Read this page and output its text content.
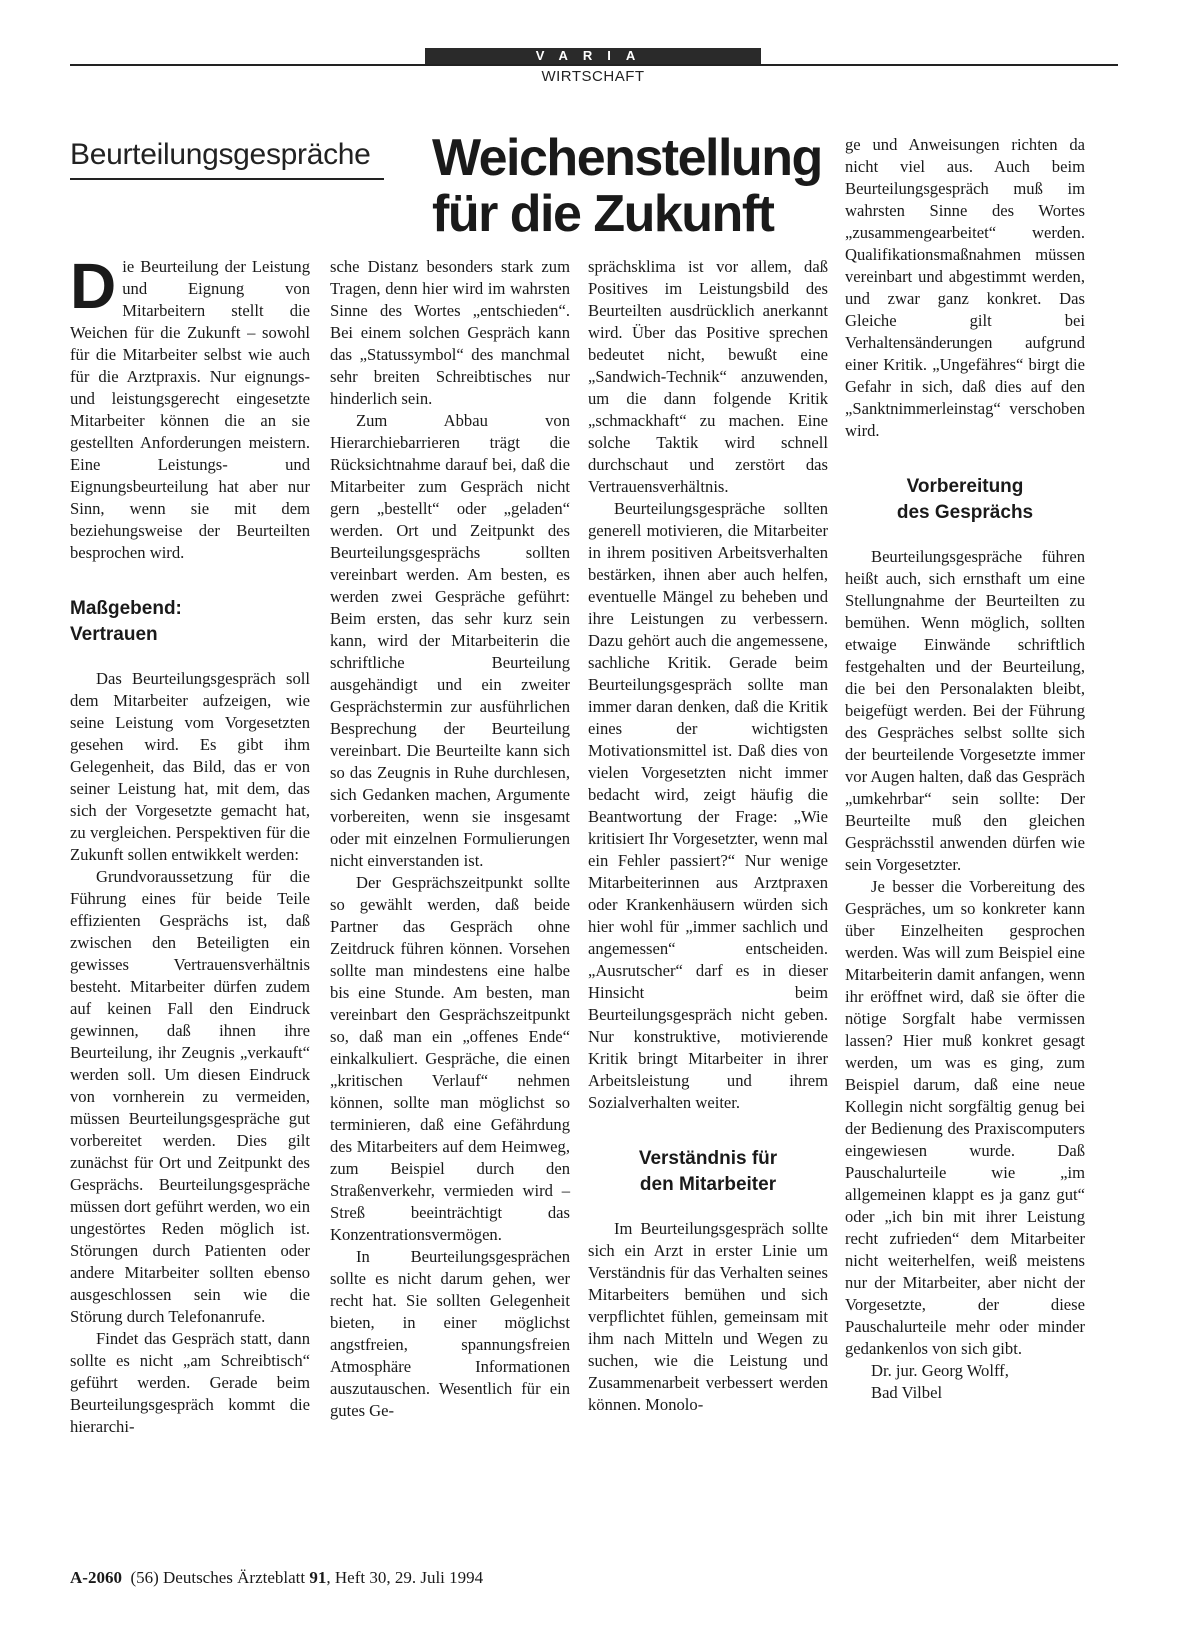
VARIA
WIRTSCHAFT
Beurteilungsgespräche Weichenstellung
für die Zukunft

Die Beurteilung der Leistung und Eignung von Mitarbeitern stellt die Weichen für die Zukunft – sowohl für die Mitarbeiter selbst wie auch für die Arztpraxis. Nur eignungs- und leistungsgerecht eingesetzte Mitarbeiter können die an sie gestellten Anforderungen meistern. Eine Leistungs- und Eignungsbeurteilung hat aber nur Sinn, wenn sie mit dem beziehungsweise der Beurteilten besprochen wird.

Maßgebend:
Vertrauen

Das Beurteilungsgespräch soll dem Mitarbeiter aufzeigen, wie seine Leistung vom Vorgesetzten gesehen wird. Es gibt ihm Gelegenheit, das Bild, das er von seiner Leistung hat, mit dem, das sich der Vorgesetzte gemacht hat, zu vergleichen. Perspektiven für die Zukunft sollen entwikkelt werden:

Grundvoraussetzung für die Führung eines für beide Teile effizienten Gesprächs ist, daß zwischen den Beteiligten ein gewisses Vertrauensverhältnis besteht. Mitarbeiter dürfen zudem auf keinen Fall den Eindruck gewinnen, daß ihnen ihre Beurteilung, ihr Zeugnis „verkauft“ werden soll. Um diesen Eindruck von vornherein zu vermeiden, müssen Beurteilungsgespräche gut vorbereitet werden. Dies gilt zunächst für Ort und Zeitpunkt des Gesprächs. Beurteilungsgespräche müssen dort geführt werden, wo ein ungestörtes Reden möglich ist. Störungen durch Patienten oder andere Mitarbeiter sollten ebenso ausgeschlossen sein wie die Störung durch Telefonanrufe.

Findet das Gespräch statt, dann sollte es nicht „am Schreibtisch“ geführt werden. Gerade beim Beurteilungsgespräch kommt die hierarchi-

sche Distanz besonders stark zum Tragen, denn hier wird im wahrsten Sinne des Wortes „entschieden“. Bei einem solchen Gespräch kann das „Statussymbol“ des manchmal sehr breiten Schreibtisches nur hinderlich sein.

Zum Abbau von Hierarchiebarrieren trägt die Rücksichtnahme darauf bei, daß die Mitarbeiter zum Gespräch nicht gern „bestellt“ oder „geladen“ werden. Ort und Zeitpunkt des Beurteilungsgesprächs sollten vereinbart werden. Am besten, es werden zwei Gespräche geführt: Beim ersten, das sehr kurz sein kann, wird der Mitarbeiterin die schriftliche Beurteilung ausgehändigt und ein zweiter Gesprächstermin zur ausführlichen Besprechung der Beurteilung vereinbart. Die Beurteilte kann sich so das Zeugnis in Ruhe durchlesen, sich Gedanken machen, Argumente vorbereiten, wenn sie insgesamt oder mit einzelnen Formulierungen nicht einverstanden ist.

Der Gesprächszeitpunkt sollte so gewählt werden, daß beide Partner das Gespräch ohne Zeitdruck führen können. Vorsehen sollte man mindestens eine halbe bis eine Stunde. Am besten, man vereinbart den Gesprächszeitpunkt so, daß man ein „offenes Ende“ einkalkuliert. Gespräche, die einen „kritischen Verlauf“ nehmen können, sollte man möglichst so terminieren, daß eine Gefährdung des Mitarbeiters auf dem Heimweg, zum Beispiel durch den Straßenverkehr, vermieden wird – Streß beeinträchtigt das Konzentrationsvermögen.

In Beurteilungsgesprächen sollte es nicht darum gehen, wer recht hat. Sie sollten Gelegenheit bieten, in einer möglichst angstfreien, spannungsfreien Atmosphäre Informationen auszutauschen. Wesentlich für ein gutes Ge-

sprächsklima ist vor allem, daß Positives im Leistungsbild des Beurteilten ausdrücklich anerkannt wird. Über das Positive sprechen bedeutet nicht, bewußt eine „Sandwich-Technik“ anzuwenden, um die dann folgende Kritik „schmackhaft“ zu machen. Eine solche Taktik wird schnell durchschaut und zerstört das Vertrauensverhältnis.

Beurteilungsgespräche sollten generell motivieren, die Mitarbeiter in ihrem positiven Arbeitsverhalten bestärken, ihnen aber auch helfen, eventuelle Mängel zu beheben und ihre Leistungen zu verbessern. Dazu gehört auch die angemessene, sachliche Kritik. Gerade beim Beurteilungsgespräch sollte man immer daran denken, daß die Kritik eines der wichtigsten Motivationsmittel ist. Daß dies von vielen Vorgesetzten nicht immer bedacht wird, zeigt häufig die Beantwortung der Frage: „Wie kritisiert Ihr Vorgesetzter, wenn mal ein Fehler passiert?“ Nur wenige Mitarbeiterinnen aus Arztpraxen oder Krankenhäusern würden sich hier wohl für „immer sachlich und angemessen“ entscheiden. „Ausrutscher“ darf es in dieser Hinsicht beim Beurteilungsgespräch nicht geben. Nur konstruktive, motivierende Kritik bringt Mitarbeiter in ihrer Arbeitsleistung und ihrem Sozialverhalten weiter.

Verständnis für
den Mitarbeiter

Im Beurteilungsgespräch sollte sich ein Arzt in erster Linie um Verständnis für das Verhalten seines Mitarbeiters bemühen und sich verpflichtet fühlen, gemeinsam mit ihm nach Mitteln und Wegen zu suchen, wie die Leistung und Zusammenarbeit verbessert werden können. Monolo-

ge und Anweisungen richten da nicht viel aus. Auch beim Beurteilungsgespräch muß im wahrsten Sinne des Wortes „zusammengearbeitet“ werden. Qualifikationsmaßnahmen müssen vereinbart und abgestimmt werden, und zwar ganz konkret. Das Gleiche gilt bei Verhaltensänderungen aufgrund einer Kritik. „Ungefähres“ birgt die Gefahr in sich, daß dies auf den „Sanktnimmerleinstag“ verschoben wird.

Vorbereitung
des Gesprächs

Beurteilungsgespräche führen heißt auch, sich ernsthaft um eine Stellungnahme der Beurteilten zu bemühen. Wenn möglich, sollten etwaige Einwände schriftlich festgehalten und der Beurteilung, die bei den Personalakten bleibt, beigefügt werden. Bei der Führung des Gespräches selbst sollte sich der beurteilende Vorgesetzte immer vor Augen halten, daß das Gespräch „umkehrbar“ sein sollte: Der Beurteilte muß den gleichen Gesprächsstil anwenden dürfen wie sein Vorgesetzter.

Je besser die Vorbereitung des Gespräches, um so konkreter kann über Einzelheiten gesprochen werden. Was will zum Beispiel eine Mitarbeiterin damit anfangen, wenn ihr eröffnet wird, daß sie öfter die nötige Sorgfalt habe vermissen lassen? Hier muß konkret gesagt werden, um was es ging, zum Beispiel darum, daß eine neue Kollegin nicht sorgfältig genug bei der Bedienung des Praxiscomputers eingewiesen wurde. Daß Pauschalurteile wie „im allgemeinen klappt es ja ganz gut“ oder „ich bin mit ihrer Leistung recht zufrieden“ dem Mitarbeiter nicht weiterhelfen, weiß meistens nur der Mitarbeiter, aber nicht der Vorgesetzte, der diese Pauschalurteile mehr oder minder gedankenlos von sich gibt.

Dr. jur. Georg Wolff,

Bad Vilbel

A-2060 (56) Deutsches Ärzteblatt 91, Heft 30, 29. Juli 1994
